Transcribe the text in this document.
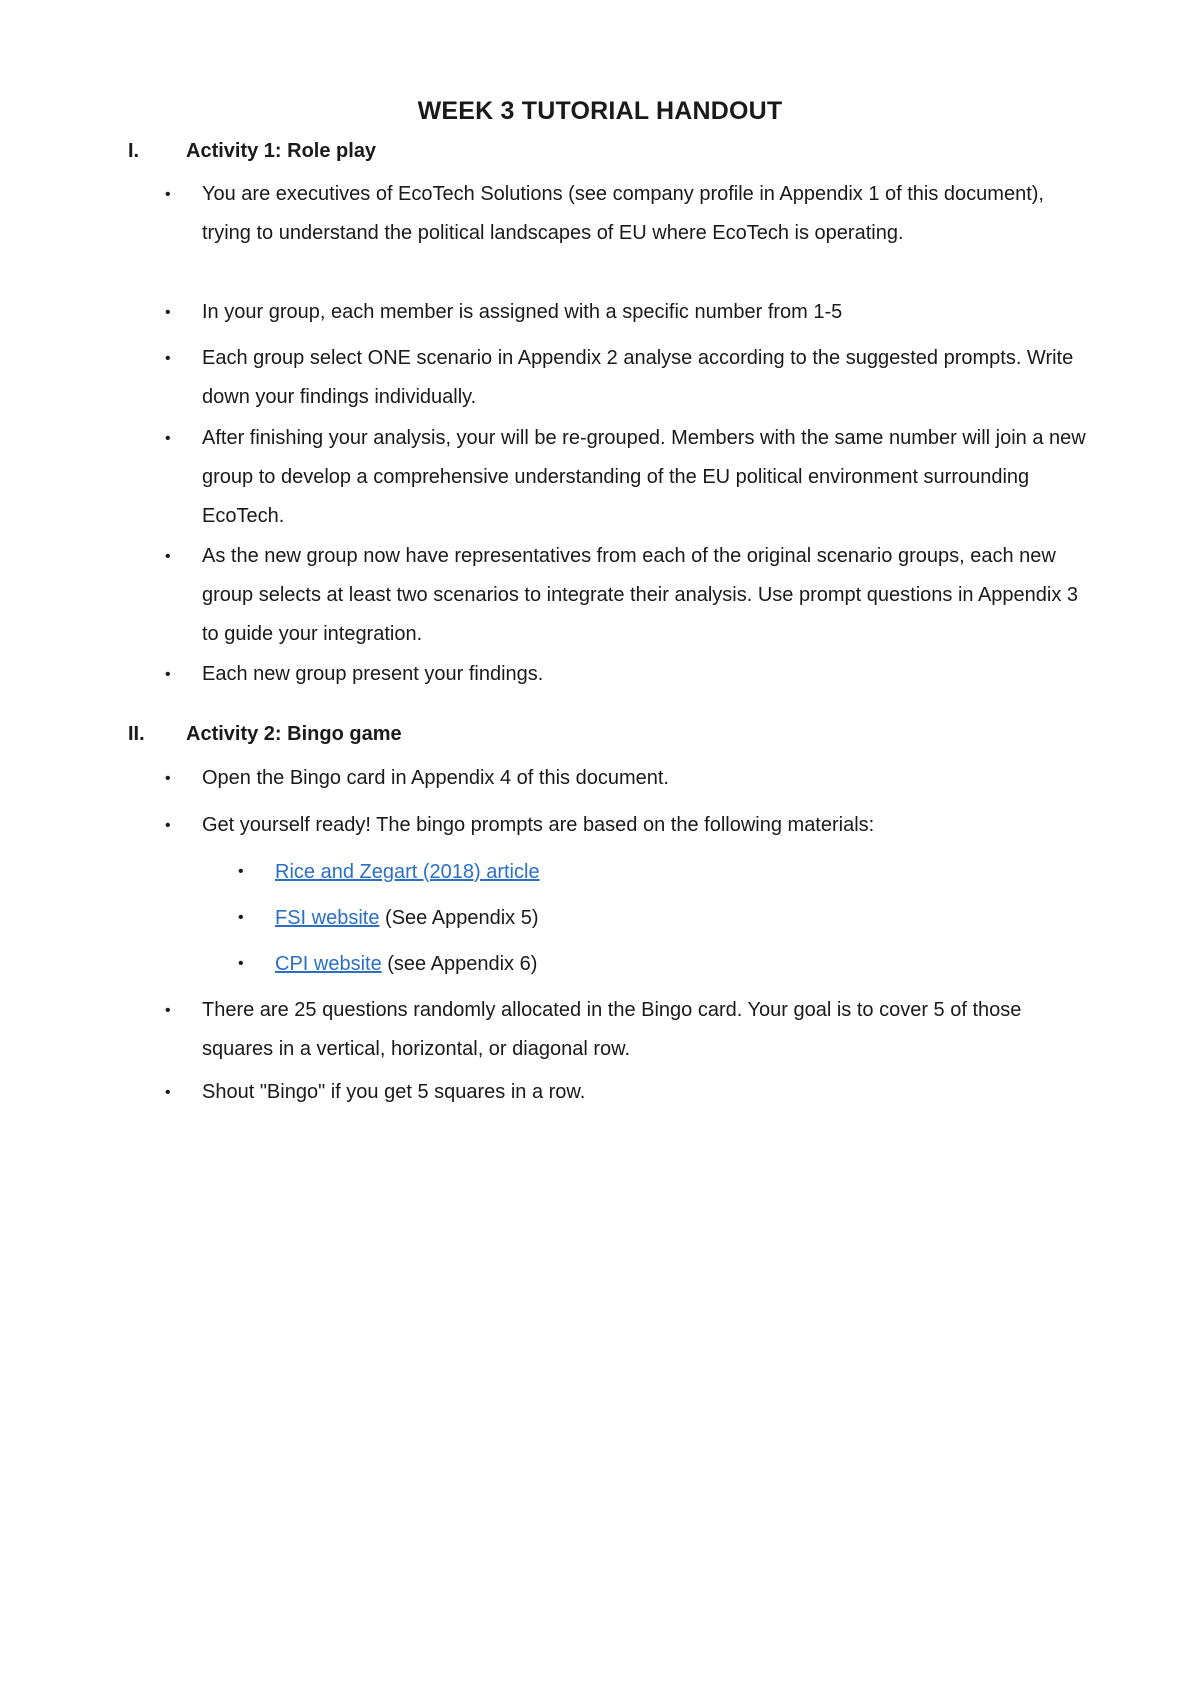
WEEK 3 TUTORIAL HANDOUT
I. Activity 1: Role play
• You are executives of EcoTech Solutions (see company profile in Appendix 1 of this document), trying to understand the political landscapes of EU where EcoTech is operating.
• In your group, each member is assigned with a specific number from 1-5
• Each group select ONE scenario in Appendix 2 analyse according to the suggested prompts. Write down your findings individually.
• After finishing your analysis, your will be re-grouped. Members with the same number will join a new group to develop a comprehensive understanding of the EU political environment surrounding EcoTech.
• As the new group now have representatives from each of the original scenario groups, each new group selects at least two scenarios to integrate their analysis. Use prompt questions in Appendix 3 to guide your integration.
• Each new group present your findings.
II. Activity 2: Bingo game
• Open the Bingo card in Appendix 4 of this document.
• Get yourself ready! The bingo prompts are based on the following materials:
• Rice and Zegart (2018) article
• FSI website (See Appendix 5)
• CPI website (see Appendix 6)
• There are 25 questions randomly allocated in the Bingo card. Your goal is to cover 5 of those squares in a vertical, horizontal, or diagonal row.
• Shout "Bingo" if you get 5 squares in a row.
